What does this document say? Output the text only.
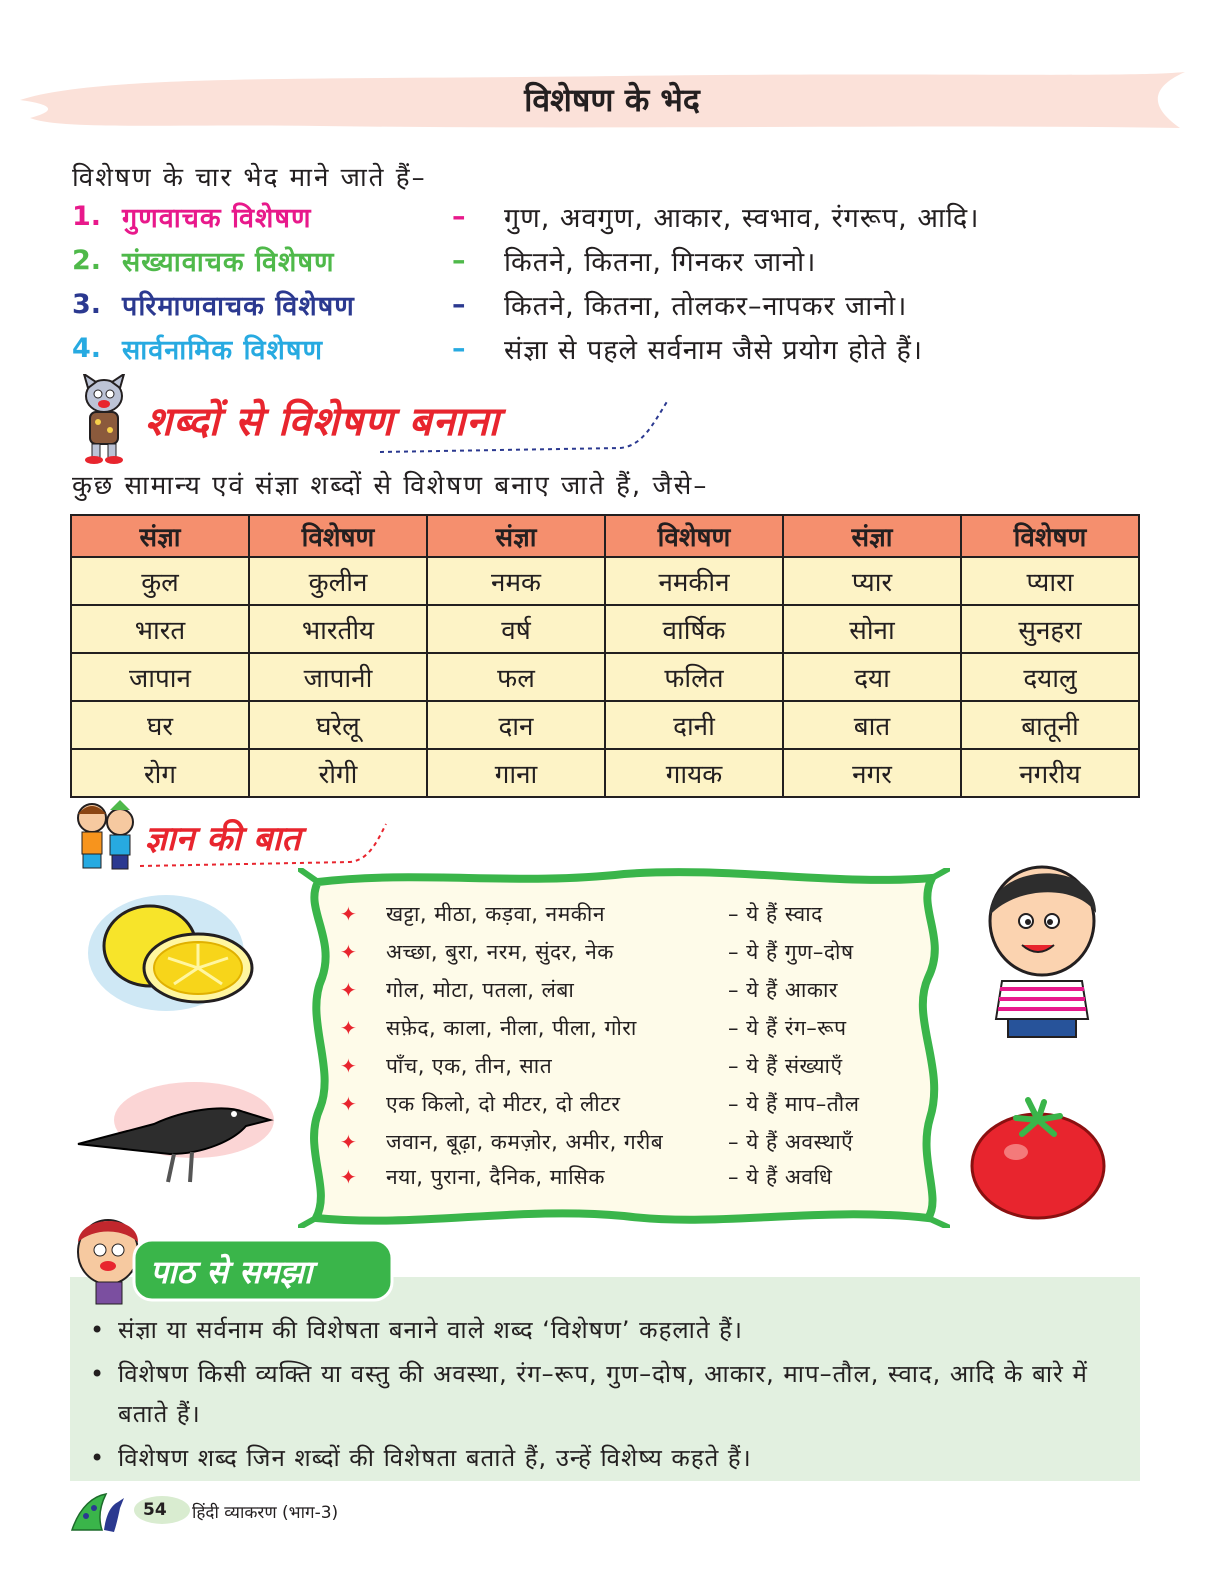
विशेषण के भेद
विशेषण के चार भेद माने जाते हैं–
1. गुणवाचक विशेषण	–	गुण, अवगुण, आकार, स्वभाव, रंगरूप, आदि।
2. संख्यावाचक विशेषण	–	कितने, कितना, गिनकर जानो।
3. परिमाणवाचक विशेषण	–	कितने, कितना, तोलकर–नापकर जानो।
4. सार्वनामिक विशेषण	–	संज्ञा से पहले सर्वनाम जैसे प्रयोग होते हैं।
शब्दों से विशेषण बनाना
कुछ सामान्य एवं संज्ञा शब्दों से विशेषण बनाए जाते हैं, जैसे–
संज्ञा	विशेषण	संज्ञा	विशेषण	संज्ञा	विशेषण
कुल	कुलीन	नमक	नमकीन	प्यार	प्यारा
भारत	भारतीय	वर्ष	वार्षिक	सोना	सुनहरा
जापान	जापानी	फल	फलित	दया	दयालु
घर	घरेलू	दान	दानी	बात	बातूनी
रोग	रोगी	गाना	गायक	नगर	नगरीय
ज्ञान की बात
✦	खट्टा, मीठा, कड़वा, नमकीन	– ये हैं स्वाद
✦	अच्छा, बुरा, नरम, सुंदर, नेक	– ये हैं गुण–दोष
✦	गोल, मोटा, पतला, लंबा	– ये हैं आकार
✦	सफ़ेद, काला, नीला, पीला, गोरा	– ये हैं रंग–रूप
✦	पाँच, एक, तीन, सात	– ये हैं संख्याएँ
✦	एक किलो, दो मीटर, दो लीटर	– ये हैं माप–तौल
✦	जवान, बूढ़ा, कमज़ोर, अमीर, गरीब	– ये हैं अवस्थाएँ
✦	नया, पुराना, दैनिक, मासिक	– ये हैं अवधि
पाठ से समझा
• संज्ञा या सर्वनाम की विशेषता बनाने वाले शब्द ‘विशेषण’ कहलाते हैं।
• विशेषण किसी व्यक्ति या वस्तु की अवस्था, रंग–रूप, गुण–दोष, आकार, माप–तौल, स्वाद, आदि के बारे में बताते हैं।
• विशेषण शब्द जिन शब्दों की विशेषता बताते हैं, उन्हें विशेष्य कहते हैं।
54 हिंदी व्याकरण (भाग-3)
